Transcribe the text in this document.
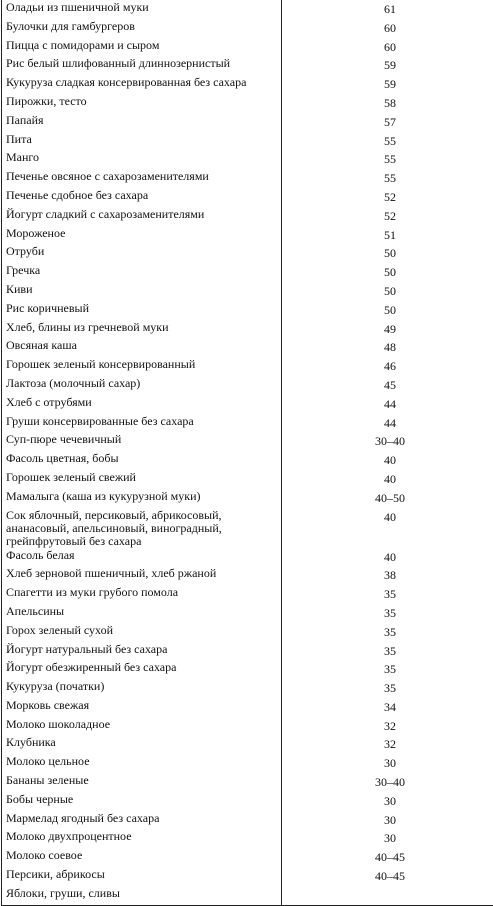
Оладьи из пшеничной муки	61
Булочки для гамбургеров	60
Пицца с помидорами и сыром	60
Рис белый шлифованный длиннозернистый	59
Кукуруза сладкая консервированная без сахара	59
Пирожки, тесто	58
Папайя	57
Пита	55
Манго	55
Печенье овсяное с сахарозаменителями	55
Печенье сдобное без сахара	52
Йогурт сладкий с сахарозаменителями	52
Мороженое	51
Отруби	50
Гречка	50
Киви	50
Рис коричневый	50
Хлеб, блины из гречневой муки	49
Овсяная каша	48
Горошек зеленый консервированный	46
Лактоза (молочный сахар)	45
Хлеб с отрубями	44
Груши консервированные без сахара	44
Суп-пюре чечевичный	30–40
Фасоль цветная, бобы	40
Горошек зеленый свежий	40
Мамалыга (каша из кукурузной муки)	40–50
Сок яблочный, персиковый, абрикосовый, ананасовый, апельсиновый, виноградный, грейпфрутовый без сахара	40
Фасоль белая	40
Хлеб зерновой пшеничный, хлеб ржаной	38
Спагетти из муки грубого помола	35
Апельсины	35
Горох зеленый сухой	35
Йогурт натуральный без сахара	35
Йогурт обезжиренный без сахара	35
Кукуруза (початки)	35
Морковь свежая	34
Молоко шоколадное	32
Клубника	32
Молоко цельное	30
Бананы зеленые	30–40
Бобы черные	30
Мармелад ягодный без сахара	30
Молоко двухпроцентное	30
Молоко соевое	40–45
Персики, абрикосы	40–45
Яблоки, груши, сливы	
